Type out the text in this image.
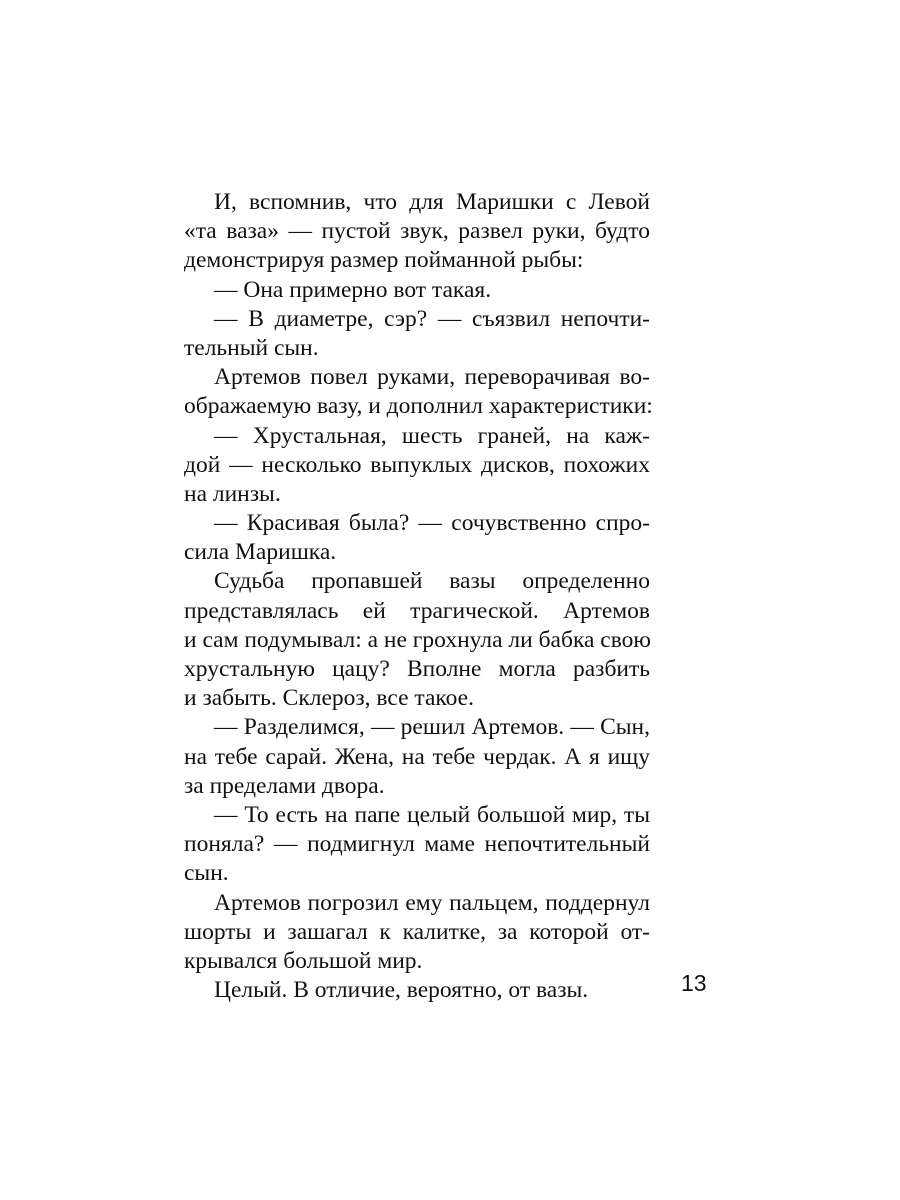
И, вспомнив, что для Маришки с Левой
«та ваза» — пустой звук, развел руки, будто
демонстрируя размер пойманной рыбы:
— Она примерно вот такая.
— В диаметре, сэр? — съязвил непочти-
тельный сын.
Артемов повел руками, переворачивая во-
ображаемую вазу, и дополнил характеристики:
— Хрустальная, шесть граней, на каж-
дой — несколько выпуклых дисков, похожих
на линзы.
— Красивая была? — сочувственно спро-
сила Маришка.
Судьба пропавшей вазы определенно
представлялась ей трагической. Артемов
и сам подумывал: а не грохнула ли бабка свою
хрустальную цацу? Вполне могла разбить
и забыть. Склероз, все такое.
— Разделимся, — решил Артемов. — Сын,
на тебе сарай. Жена, на тебе чердак. А я ищу
за пределами двора.
— То есть на папе целый большой мир, ты
поняла? — подмигнул маме непочтительный
сын.
Артемов погрозил ему пальцем, поддернул
шорты и зашагал к калитке, за которой от-
крывался большой мир.
Целый. В отличие, вероятно, от вазы.	13
